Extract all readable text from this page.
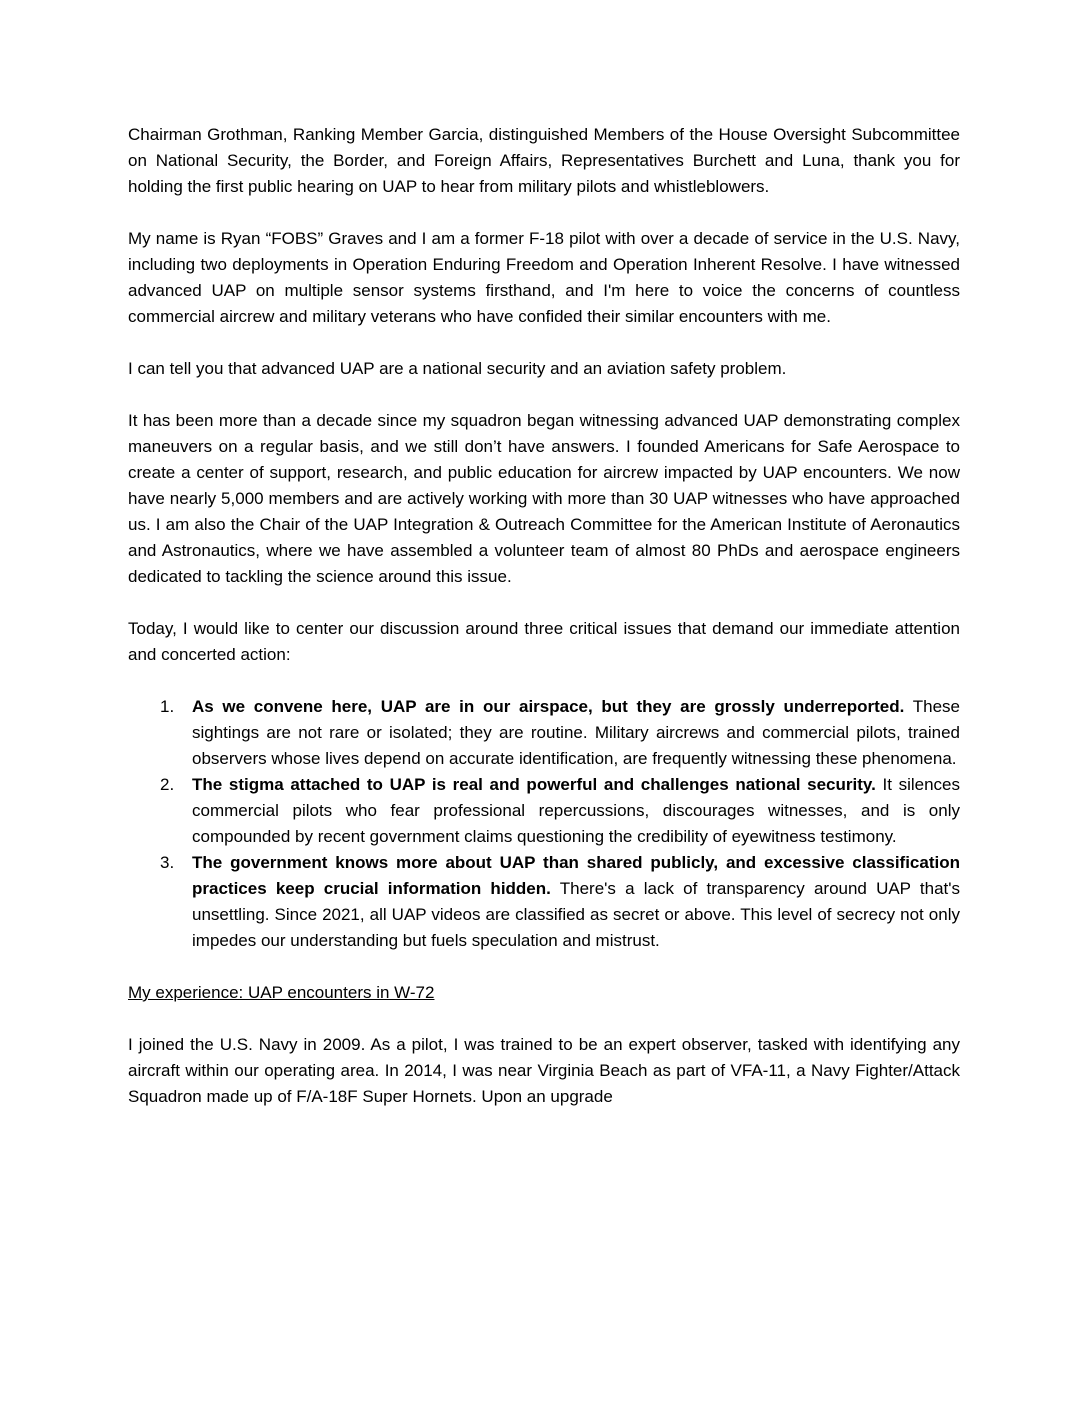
Chairman Grothman, Ranking Member Garcia, distinguished Members of the House Oversight Subcommittee on National Security, the Border, and Foreign Affairs, Representatives Burchett and Luna, thank you for holding the first public hearing on UAP to hear from military pilots and whistleblowers.

My name is Ryan “FOBS” Graves and I am a former F-18 pilot with over a decade of service in the U.S. Navy, including two deployments in Operation Enduring Freedom and Operation Inherent Resolve. I have witnessed advanced UAP on multiple sensor systems firsthand, and I'm here to voice the concerns of countless commercial aircrew and military veterans who have confided their similar encounters with me.

I can tell you that advanced UAP are a national security and an aviation safety problem.

It has been more than a decade since my squadron began witnessing advanced UAP demonstrating complex maneuvers on a regular basis, and we still don’t have answers. I founded Americans for Safe Aerospace to create a center of support, research, and public education for aircrew impacted by UAP encounters. We now have nearly 5,000 members and are actively working with more than 30 UAP witnesses who have approached us. I am also the Chair of the UAP Integration & Outreach Committee for the American Institute of Aeronautics and Astronautics, where we have assembled a volunteer team of almost 80 PhDs and aerospace engineers dedicated to tackling the science around this issue.

Today, I would like to center our discussion around three critical issues that demand our immediate attention and concerted action:

1. As we convene here, UAP are in our airspace, but they are grossly underreported. These sightings are not rare or isolated; they are routine. Military aircrews and commercial pilots, trained observers whose lives depend on accurate identification, are frequently witnessing these phenomena.
2. The stigma attached to UAP is real and powerful and challenges national security. It silences commercial pilots who fear professional repercussions, discourages witnesses, and is only compounded by recent government claims questioning the credibility of eyewitness testimony.
3. The government knows more about UAP than shared publicly, and excessive classification practices keep crucial information hidden. There's a lack of transparency around UAP that's unsettling. Since 2021, all UAP videos are classified as secret or above. This level of secrecy not only impedes our understanding but fuels speculation and mistrust.

My experience: UAP encounters in W-72

I joined the U.S. Navy in 2009. As a pilot, I was trained to be an expert observer, tasked with identifying any aircraft within our operating area. In 2014, I was near Virginia Beach as part of VFA-11, a Navy Fighter/Attack Squadron made up of F/A-18F Super Hornets. Upon an upgrade
